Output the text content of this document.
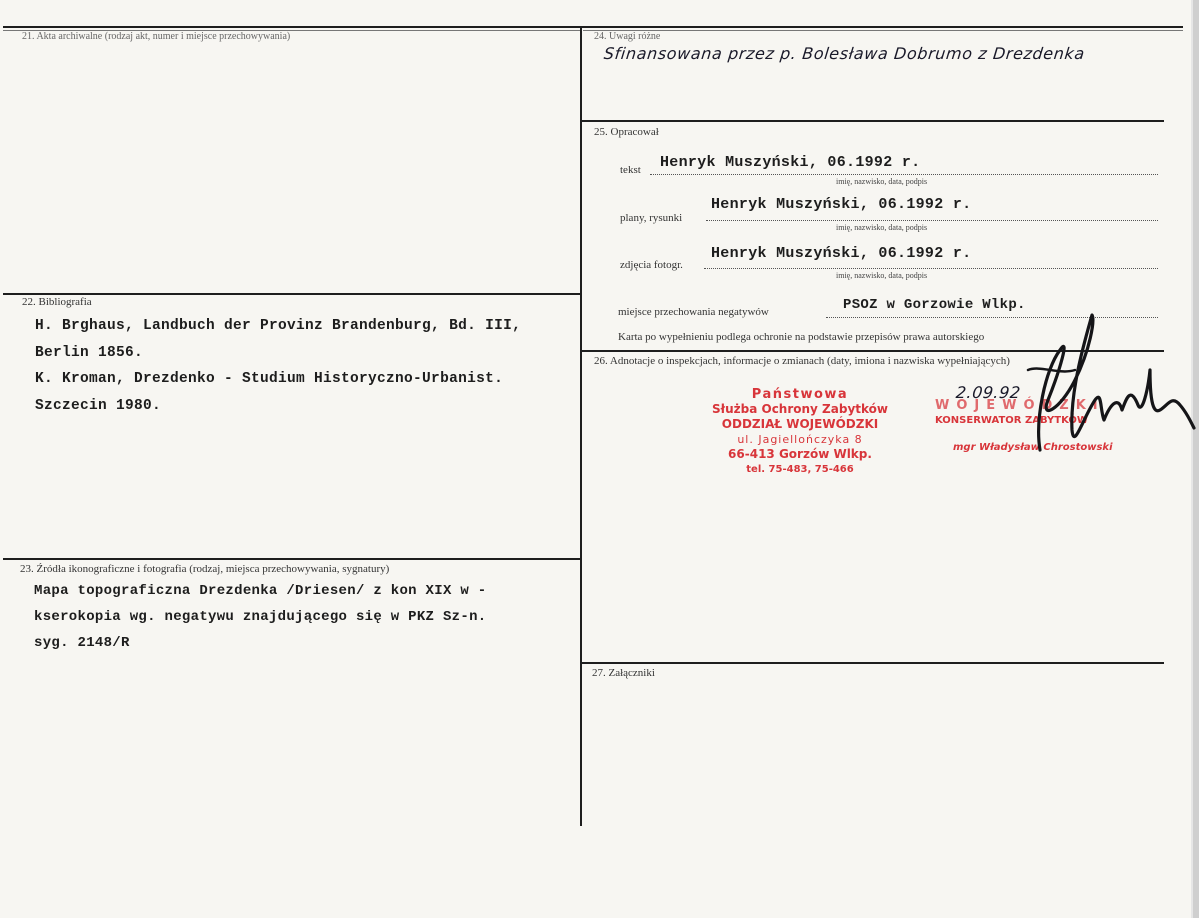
21. Akta archiwalne (rodzaj akt, numer i miejsce przechowywania)
22. Bibliografia
H. Brghaus, Landbuch der Provinz Brandenburg, Bd. III,
Berlin 1856.
K. Kroman, Drezdenko - Studium Historyczno-Urbanist.
Szczecin 1980.
23. Źródła ikonograficzne i fotografia (rodzaj, miejsca przechowywania, sygnatury)
Mapa topograficzna Drezdenka /Driesen/ z kon XIX w -
kserokopia wg. negatywu znajdującego się w PKZ Sz-n.
syg. 2148/R
24. Uwagi różne
Sfinansowana przez p. Bolesława Dobrumo z Drezdenka
25. Opracował
tekst Henryk Muszyński, 06.1992 r.
imię, nazwisko, data, podpis
plany, rysunki
Henryk Muszyński, 06.1992 r.
imię, nazwisko, data, podpis
zdjęcia fotogr.
Henryk Muszyński, 06.1992 r.
imię, nazwisko, data, podpis
miejsce przechowania negatywów	PSOZ w Gorzowie Wlkp.
Karta po wypełnieniu podlega ochronie na podstawie przepisów prawa autorskiego
26. Adnotacje o inspekcjach, informacje o zmianach (daty, imiona i nazwiska wypełniających)
Państwowa
Służba Ochrony Zabytków
ODDZIAŁ WOJEWÓDZKI
ul. Jagiellończyka 8
66-413 Gorzów Wlkp.
tel. 75-483, 75-466
WOJEWÓDZKI
KONSERWATOR ZABYTKÓW
mgr Władysław Chrostowski
2.09.92
27. Załączniki
